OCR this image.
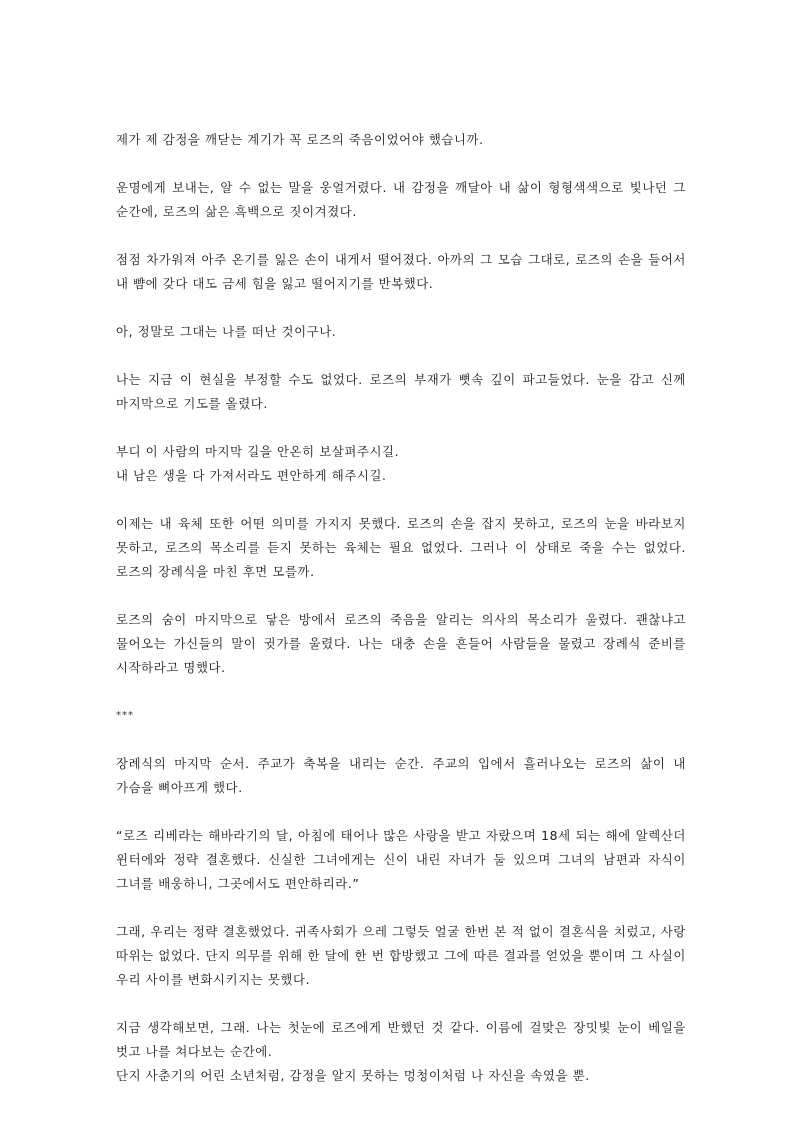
제가 제 감정을 깨닫는 계기가 꼭 로즈의 죽음이었어야 했습니까.

운명에게 보내는, 알 수 없는 말을 웅얼거렸다. 내 감정을 깨달아 내 삶이 형형색색으로 빛나던 그 순간에, 로즈의 삶은 흑백으로 짓이겨졌다.

점점 차가워져 아주 온기를 잃은 손이 내게서 떨어졌다. 아까의 그 모습 그대로, 로즈의 손을 들어서 내 뺨에 갖다 대도 금세 힘을 잃고 떨어지기를 반복했다.

아, 정말로 그대는 나를 떠난 것이구나.

나는 지금 이 현실을 부정할 수도 없었다. 로즈의 부재가 뼛속 깊이 파고들었다. 눈을 감고 신께 마지막으로 기도를 올렸다.

부디 이 사람의 마지막 길을 안온히 보살펴주시길.
내 남은 생을 다 가져서라도 편안하게 해주시길.

이제는 내 육체 또한 어떤 의미를 가지지 못했다. 로즈의 손을 잡지 못하고, 로즈의 눈을 바라보지 못하고, 로즈의 목소리를 듣지 못하는 육체는 필요 없었다. 그러나 이 상태로 죽을 수는 없었다. 로즈의 장례식을 마친 후면 모를까.

로즈의 숨이 마지막으로 닿은 방에서 로즈의 죽음을 알리는 의사의 목소리가 울렸다. 괜찮냐고 물어오는 가신들의 말이 귓가를 울렸다. 나는 대충 손을 흔들어 사람들을 물렸고 장례식 준비를 시작하라고 명했다.

***

장례식의 마지막 순서. 주교가 축복을 내리는 순간. 주교의 입에서 흘러나오는 로즈의 삶이 내 가슴을 뼈아프게 했다.

“로즈 리베라는 해바라기의 달, 아침에 태어나 많은 사랑을 받고 자랐으며 18세 되는 해에 알렉산더 윈터에와 정략 결혼했다. 신실한 그녀에게는 신이 내린 자녀가 둘 있으며 그녀의 남편과 자식이 그녀를 배웅하니, 그곳에서도 편안하리라.”

그래, 우리는 정략 결혼했었다. 귀족사회가 으레 그렇듯 얼굴 한번 본 적 없이 결혼식을 치렀고, 사랑 따위는 없었다. 단지 의무를 위해 한 달에 한 번 합방했고 그에 따른 결과를 얻었을 뿐이며 그 사실이 우리 사이를 변화시키지는 못했다.

지금 생각해보면, 그래. 나는 첫눈에 로즈에게 반했던 것 같다. 이름에 걸맞은 장밋빛 눈이 베일을 벗고 나를 쳐다보는 순간에.
단지 사춘기의 어린 소년처럼, 감정을 알지 못하는 멍청이처럼 나 자신을 속였을 뿐.
